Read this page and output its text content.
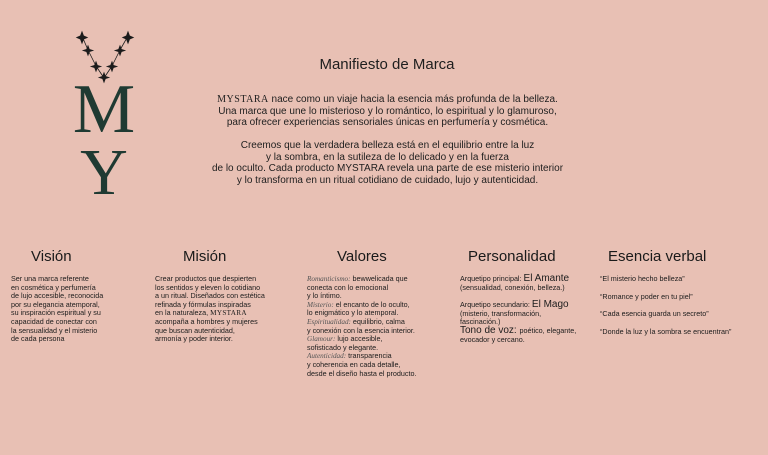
M
Y
Manifiesto de Marca
MYSTARA nace como un viaje hacia la esencia más profunda de la belleza.
Una marca que une lo misterioso y lo romántico, lo espiritual y lo glamuroso,
para ofrecer experiencias sensoriales únicas en perfumería y cosmética.
Creemos que la verdadera belleza está en el equilibrio entre la luz
y la sombra, en la sutileza de lo delicado y en la fuerza
de lo oculto. Cada producto MYSTARA revela una parte de ese misterio interior
y lo transforma en un ritual cotidiano de cuidado, lujo y autenticidad.
Visión
Ser una marca referente
en cosmética y perfumería
de lujo accesible, reconocida
por su elegancia atemporal,
su inspiración espiritual y su
capacidad de conectar con
la sensualidad y el misterio
de cada persona
Misión
Crear productos que despierten
los sentidos y eleven lo cotidiano
a un ritual. Diseñados con estética
refinada y fórmulas inspiradas
en la naturaleza, MYSTARA
acompaña a hombres y mujeres
que buscan autenticidad,
armonía y poder interior.
Valores
Romanticismo: bewwelicada que
conecta con lo emocional
y lo íntimo.
Misterio: el encanto de lo oculto,
lo enigmático y lo atemporal.
Espiritualidad: equilibrio, calma
y conexión con la esencia interior.
Glamour: lujo accesible,
sofisticado y elegante.
Autenticidad: transparencia
y coherencia en cada detalle,
desde el diseño hasta el producto.
Personalidad
Arquetipo principal: El Amante
(sensualidad, conexión, belleza.)
Arquetipo secundario: El Mago
(misterio, transformación,
fascinación.)
Tono de voz: poético, elegante,
evocador y cercano.
Esencia verbal
“El misterio hecho belleza”
“Romance y poder en tu piel”
“Cada esencia guarda un secreto”
“Donde la luz y la sombra se encuentran”
